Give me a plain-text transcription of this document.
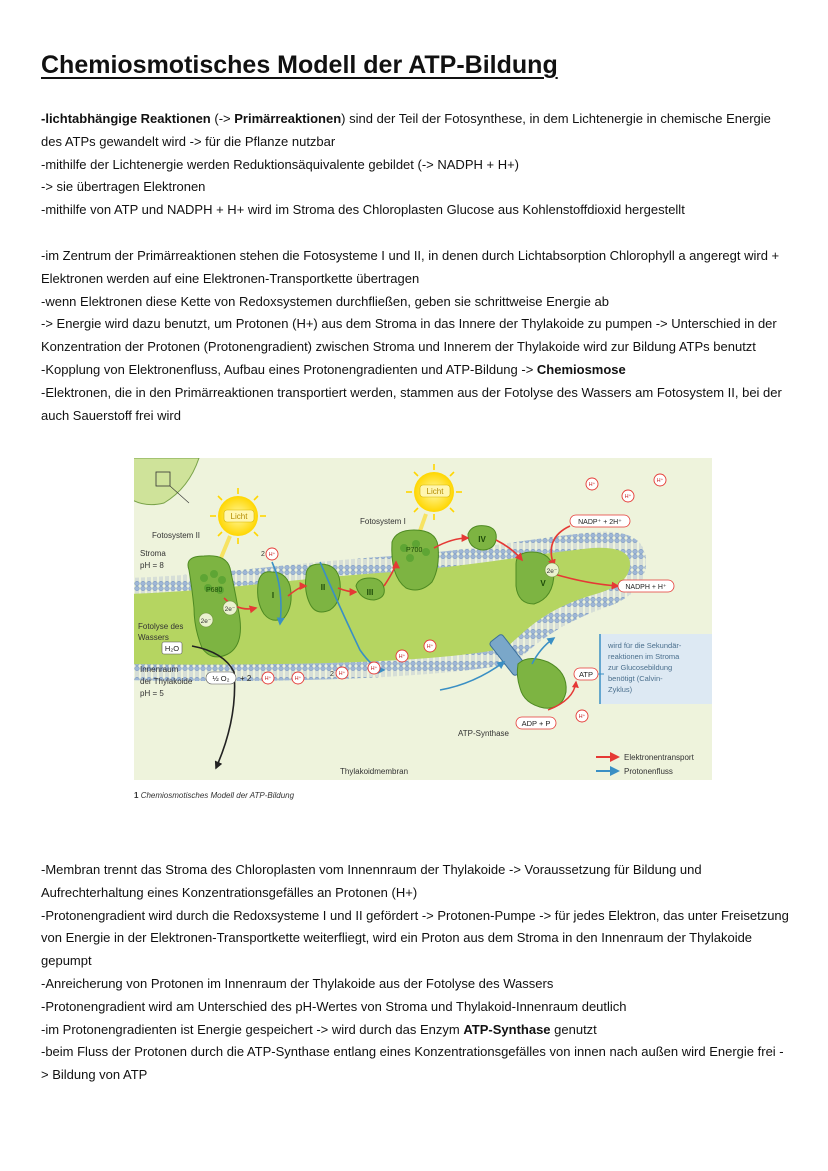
Chemiosmotisches Modell der ATP-Bildung

-lichtabhängige Reaktionen (-> Primärreaktionen) sind der Teil der Fotosynthese, in dem Lichtenergie in chemische Energie des ATPs gewandelt wird -> für die Pflanze nutzbar

-mithilfe der Lichtenergie werden Reduktionsäquivalente gebildet (-> NADPH + H+)

-> sie übertragen Elektronen

-mithilfe von ATP und NADPH + H+ wird im Stroma des Chloroplasten Glucose aus Kohlenstoffdioxid hergestellt

-im Zentrum der Primärreaktionen stehen die Fotosysteme I und II, in denen durch Lichtabsorption Chlorophyll a angeregt wird + Elektronen werden auf eine Elektronen-Transportkette übertragen

-wenn Elektronen diese Kette von Redoxsystemen durchfließen, geben sie schrittweise Energie ab

-> Energie wird dazu benutzt, um Protonen (H+) aus dem Stroma in das Innere der Thylakoide zu pumpen -> Unterschied in der Konzentration der Protonen (Protonengradient) zwischen Stroma und Innerem der Thylakoide wird zur Bildung ATPs benutzt

-Kopplung von Elektronenfluss, Aufbau eines Protonengradienten und ATP-Bildung -> Chemiosmose

-Elektronen, die in den Primärreaktionen transportiert werden, stammen aus der Fotolyse des Wassers am Fotosystem II, bei der auch Sauerstoff frei wird

Licht
Licht
Fotosystem II
Fotosystem I
Stroma
pH = 8
P680
P700
Fotolyse des
Wassers
H₂O
Innenraum
der Thylakoide
pH = 5
½ O₂ + 2
I
II
III
IV
V
2e⁻
2e⁻
2e⁻
H⁺
H⁺	H⁺
H⁺
H⁺
H⁺
H⁺
H⁺
H⁺
H⁺
H⁺
2
2
NADP⁺ + 2H⁺
NADPH + H⁺
ATP
ADP + P
ATP-Synthase
Thylakoidmembran
wird für die Sekundär-
reaktionen im Stroma
zur Glucosebildung
benötigt (Calvin-
Zyklus)
Elektronentransport
Protonenfluss
1 Chemiosmotisches Modell der ATP-Bildung

-Membran trennt das Stroma des Chloroplasten vom Innennraum der Thylakoide -> Voraussetzung für Bildung und Aufrechterhaltung eines Konzentrationsgefälles an Protonen (H+)

-Protonengradient wird durch die Redoxsysteme I und II gefördert -> Protonen-Pumpe -> für jedes Elektron, das unter Freisetzung von Energie in der Elektronen-Transportkette weiterfliegt, wird ein Proton aus dem Stroma in den Innenraum der Thylakoide gepumpt

-Anreicherung von Protonen im Innenraum der Thylakoide aus der Fotolyse des Wassers

-Protonengradient wird am Unterschied des pH-Wertes von Stroma und Thylakoid-Innenraum deutlich

-im Protonengradienten ist Energie gespeichert -> wird durch das Enzym ATP-Synthase genutzt

-beim Fluss der Protonen durch die ATP-Synthase entlang eines Konzentrationsgefälles von innen nach außen wird Energie frei -> Bildung von ATP
